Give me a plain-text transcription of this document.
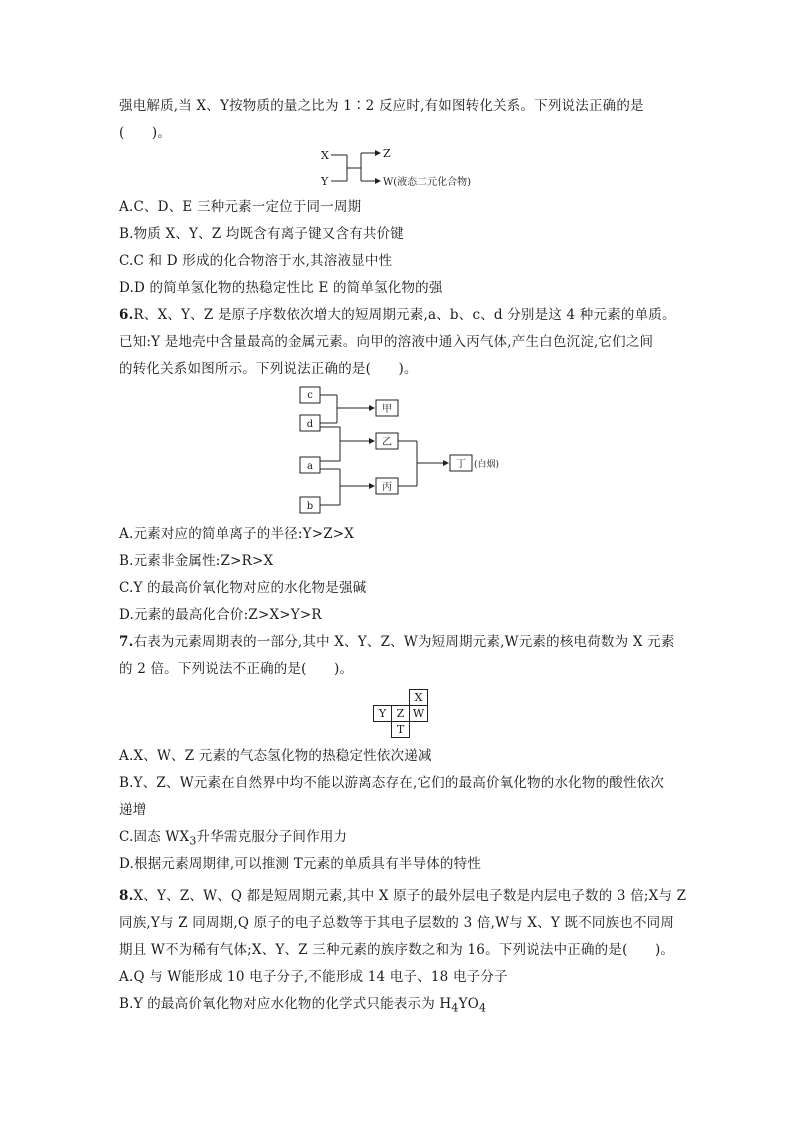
强电解质,当 X、Y按物质的量之比为 1∶2 反应时,有如图转化关系。下列说法正确的是
(　　)。
X
Y
Z
W(液态二元化合物)
A.C、D、E 三种元素一定位于同一周期
B.物质 X、Y、Z 均既含有离子键又含有共价键
C.C 和 D 形成的化合物溶于水,其溶液显中性
D.D 的简单氢化物的热稳定性比 E 的简单氢化物的强
6.R、X、Y、Z 是原子序数依次增大的短周期元素,a、b、c、d 分别是这 4 种元素的单质。
已知:Y 是地壳中含量最高的金属元素。向甲的溶液中通入丙气体,产生白色沉淀,它们之间
的转化关系如图所示。下列说法正确的是(　　)。
c
d
a
b
甲
乙
丙
丁 (白烟)
A.元素对应的简单离子的半径:Y>Z>X
B.元素非金属性:Z>R>X
C.Y 的最高价氧化物对应的水化物是强碱
D.元素的最高化合价:Z>X>Y>R
7.右表为元素周期表的一部分,其中 X、Y、Z、W为短周期元素,W元素的核电荷数为 X 元素
的 2 倍。下列说法不正确的是(　　)。
		X
Y	Z	W
	T	
A.X、W、Z 元素的气态氢化物的热稳定性依次递减
B.Y、Z、W元素在自然界中均不能以游离态存在,它们的最高价氧化物的水化物的酸性依次
递增
C.固态 $WX_3$升华需克服分子间作用力
D.根据元素周期律,可以推测 T元素的单质具有半导体的特性
8.X、Y、Z、W、Q 都是短周期元素,其中 X 原子的最外层电子数是内层电子数的 3 倍;X与 Z
同族,Y与 Z 同周期,Q 原子的电子总数等于其电子层数的 3 倍,W与 X、Y 既不同族也不同周
期且 W不为稀有气体;X、Y、Z 三种元素的族序数之和为 16。下列说法中正确的是(　　)。
A.Q 与 W能形成 10 电子分子,不能形成 14 电子、18 电子分子
B.Y 的最高价氧化物对应水化物的化学式只能表示为 $H_4YO_4$
